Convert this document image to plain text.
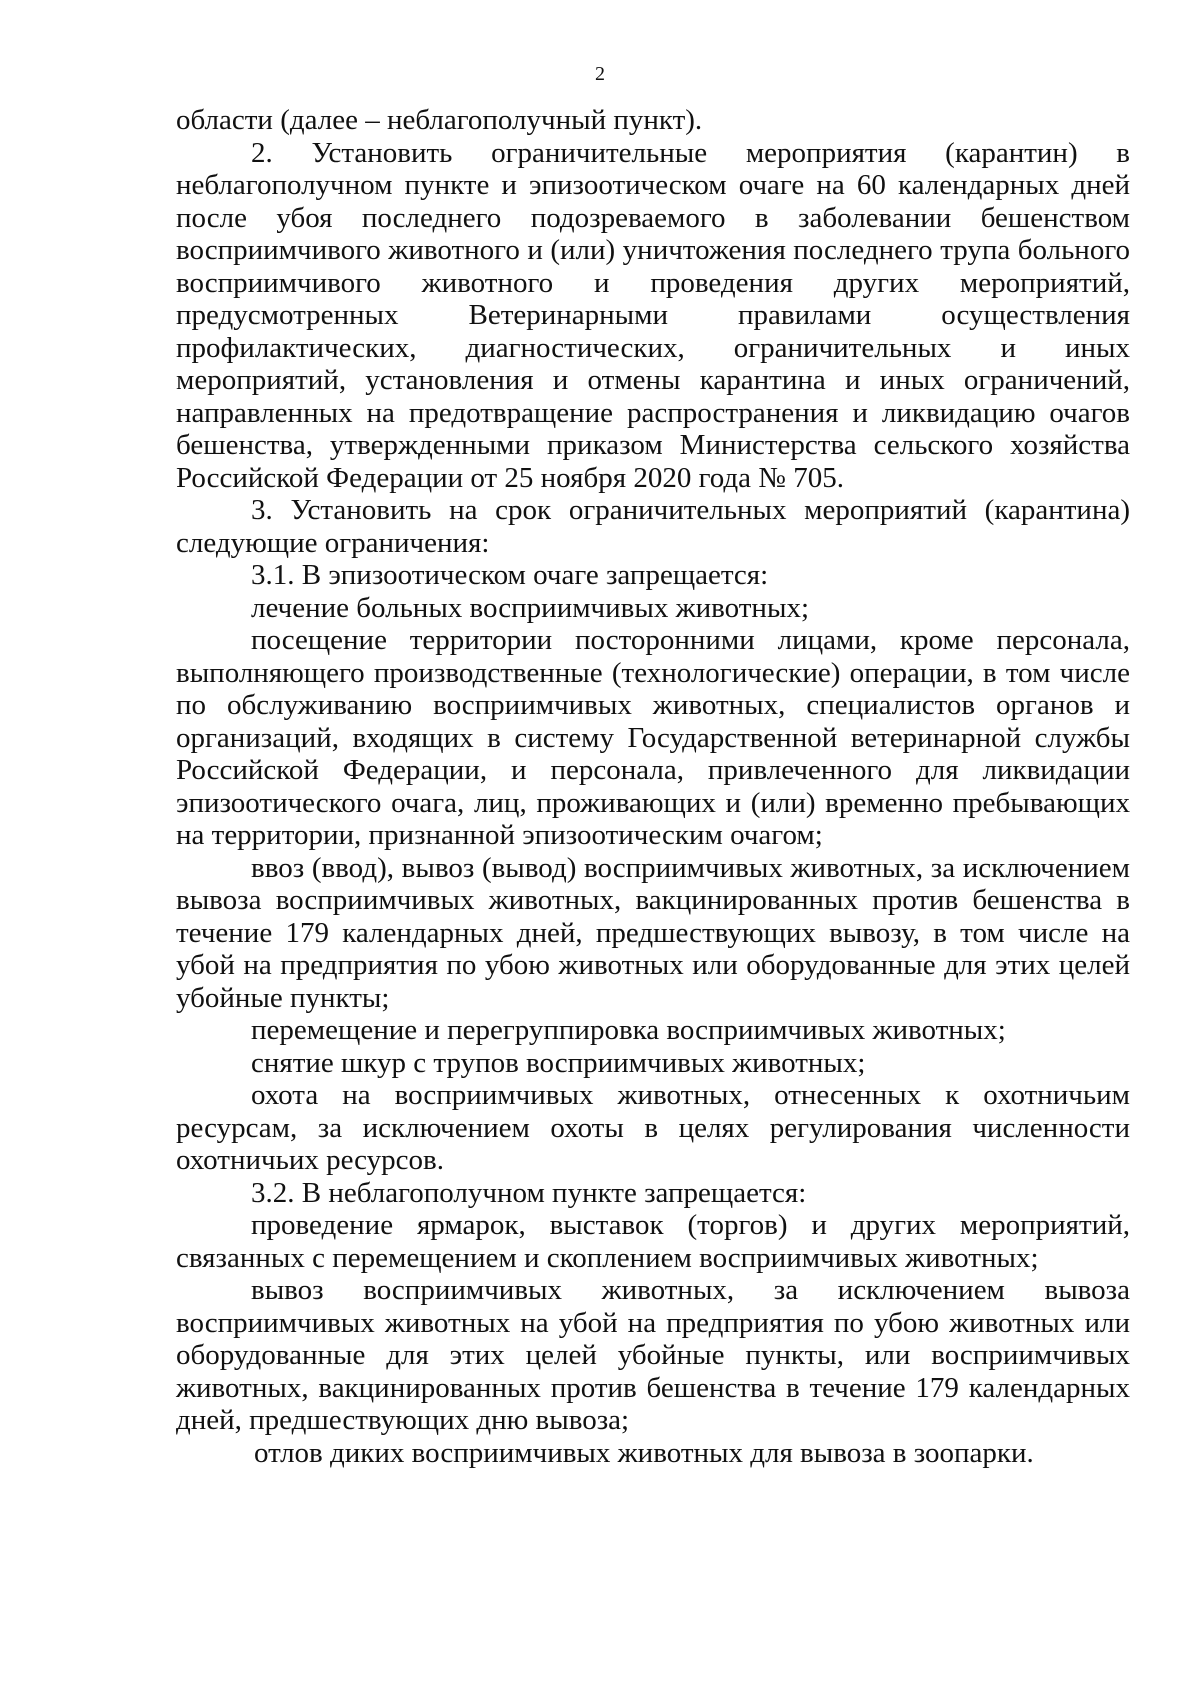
2

области (далее – неблагополучный пункт).

2. Установить ограничительные мероприятия (карантин) в неблагополучном пункте и эпизоотическом очаге на 60 календарных дней после убоя последнего подозреваемого в заболевании бешенством восприимчивого животного и (или) уничтожения последнего трупа больного восприимчивого животного и проведения других мероприятий, предусмотренных Ветеринарными правилами осуществления профилактических, диагностических, ограничительных и иных мероприятий, установления и отмены карантина и иных ограничений, направленных на предотвращение распространения и ликвидацию очагов бешенства, утвержденными приказом Министерства сельского хозяйства Российской Федерации от 25 ноября 2020 года № 705.

3. Установить на срок ограничительных мероприятий (карантина) следующие ограничения:

3.1. В эпизоотическом очаге запрещается:

лечение больных восприимчивых животных;

посещение территории посторонними лицами, кроме персонала, выполняющего производственные (технологические) операции, в том числе по обслуживанию восприимчивых животных, специалистов органов и организаций, входящих в систему Государственной ветеринарной службы Российской Федерации, и персонала, привлеченного для ликвидации эпизоотического очага, лиц, проживающих и (или) временно пребывающих на территории, признанной эпизоотическим очагом;

ввоз (ввод), вывоз (вывод) восприимчивых животных, за исключением вывоза восприимчивых животных, вакцинированных против бешенства в течение 179 календарных дней, предшествующих вывозу, в том числе на убой на предприятия по убою животных или оборудованные для этих целей убойные пункты;

перемещение и перегруппировка восприимчивых животных;

снятие шкур с трупов восприимчивых животных;

охота на восприимчивых животных, отнесенных к охотничьим ресурсам, за исключением охоты в целях регулирования численности охотничьих ресурсов.

3.2. В неблагополучном пункте запрещается:

проведение ярмарок, выставок (торгов) и других мероприятий, связанных с перемещением и скоплением восприимчивых животных;

вывоз восприимчивых животных, за исключением вывоза восприимчивых животных на убой на предприятия по убою животных или оборудованные для этих целей убойные пункты, или восприимчивых животных, вакцинированных против бешенства в течение 179 календарных дней, предшествующих дню вывоза;

отлов диких восприимчивых животных для вывоза в зоопарки.
